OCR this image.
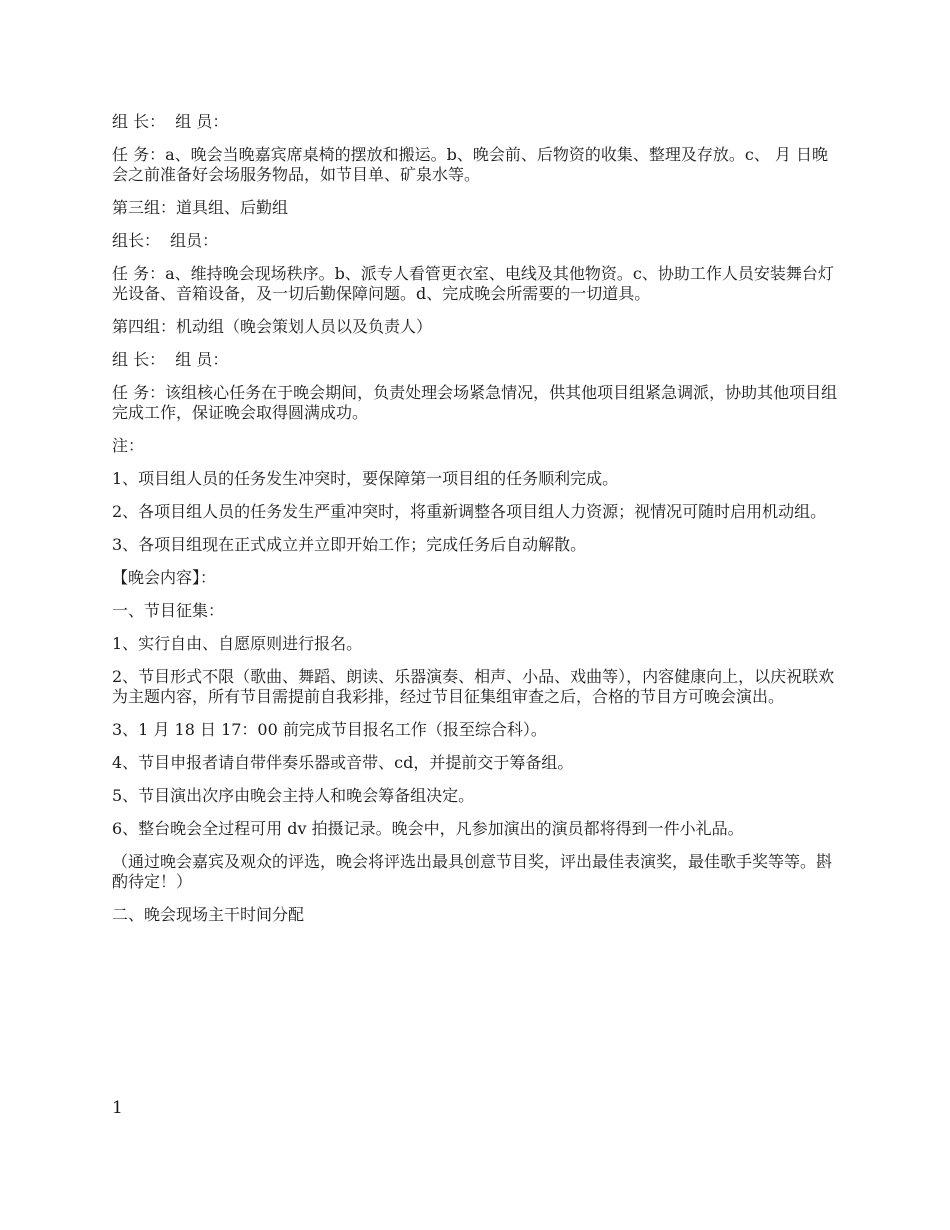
组 长：  组 员：

任 务：a、晚会当晚嘉宾席桌椅的摆放和搬运。b、晚会前、后物资的收集、整理及存放。c、 月 日晚会之前准备好会场服务物品，如节目单、矿泉水等。

第三组：道具组、后勤组

组长：  组员：

任 务：a、维持晚会现场秩序。b、派专人看管更衣室、电线及其他物资。c、协助工作人员安装舞台灯光设备、音箱设备，及一切后勤保障问题。d、完成晚会所需要的一切道具。

第四组：机动组（晚会策划人员以及负责人）

组 长：  组 员：

任 务：该组核心任务在于晚会期间，负责处理会场紧急情况，供其他项目组紧急调派，协助其他项目组完成工作，保证晚会取得圆满成功。

注：

1、项目组人员的任务发生冲突时，要保障第一项目组的任务顺利完成。

2、各项目组人员的任务发生严重冲突时，将重新调整各项目组人力资源；视情况可随时启用机动组。

3、各项目组现在正式成立并立即开始工作；完成任务后自动解散。

【晚会内容】：

一、节目征集：

1、实行自由、自愿原则进行报名。

2、节目形式不限（歌曲、舞蹈、朗读、乐器演奏、相声、小品、戏曲等），内容健康向上，以庆祝联欢为主题内容，所有节目需提前自我彩排，经过节目征集组审查之后，合格的节目方可晚会演出。

3、1 月 18 日 17：00 前完成节目报名工作（报至综合科）。

4、节目申报者请自带伴奏乐器或音带、cd，并提前交于筹备组。

5、节目演出次序由晚会主持人和晚会筹备组决定。

6、整台晚会全过程可用 dv 拍摄记录。晚会中，凡参加演出的演员都将得到一件小礼品。

（通过晚会嘉宾及观众的评选，晚会将评选出最具创意节目奖，评出最佳表演奖，最佳歌手奖等等。斟酌待定！）

二、晚会现场主干时间分配

1
